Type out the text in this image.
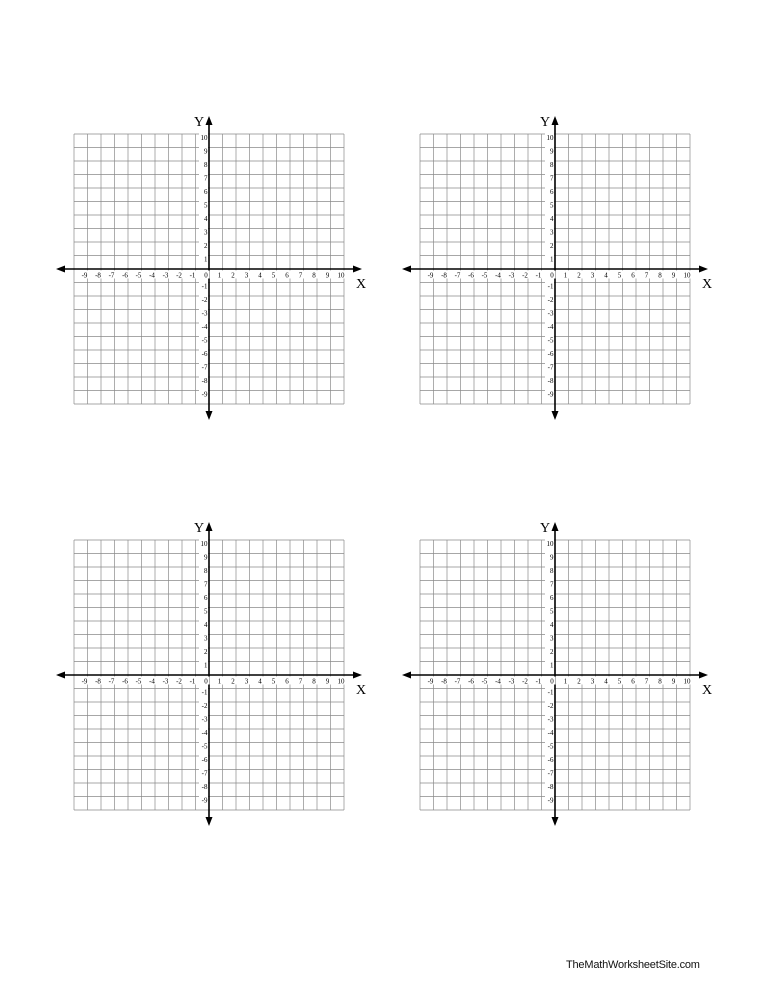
-9 -8 -7 -6 -5 -4 -3 -2 -1 0 1 2 3 4 5 6 7 8 9 10
10
9
8
7
6
5
4
3
2
1
-1
-2
-3
-4
-5
-6
-7
-8
-9
X
Y
-9 -8 -7 -6 -5 -4 -3 -2 -1 0 1 2 3 4 5 6 7 8 9 10
10
9
8
7
6
5
4
3
2
1
-1
-2
-3
-4
-5
-6
-7
-8
-9
X
Y
-9 -8 -7 -6 -5 -4 -3 -2 -1 0 1 2 3 4 5 6 7 8 9 10
10
9
8
7
6
5
4
3
2
1
-1
-2
-3
-4
-5
-6
-7
-8
-9
X
Y
-9 -8 -7 -6 -5 -4 -3 -2 -1 0 1 2 3 4 5 6 7 8 9 10
10
9
8
7
6
5
4
3
2
1
-1
-2
-3
-4
-5
-6
-7
-8
-9
X
Y
TheMathWorksheetSite.com
